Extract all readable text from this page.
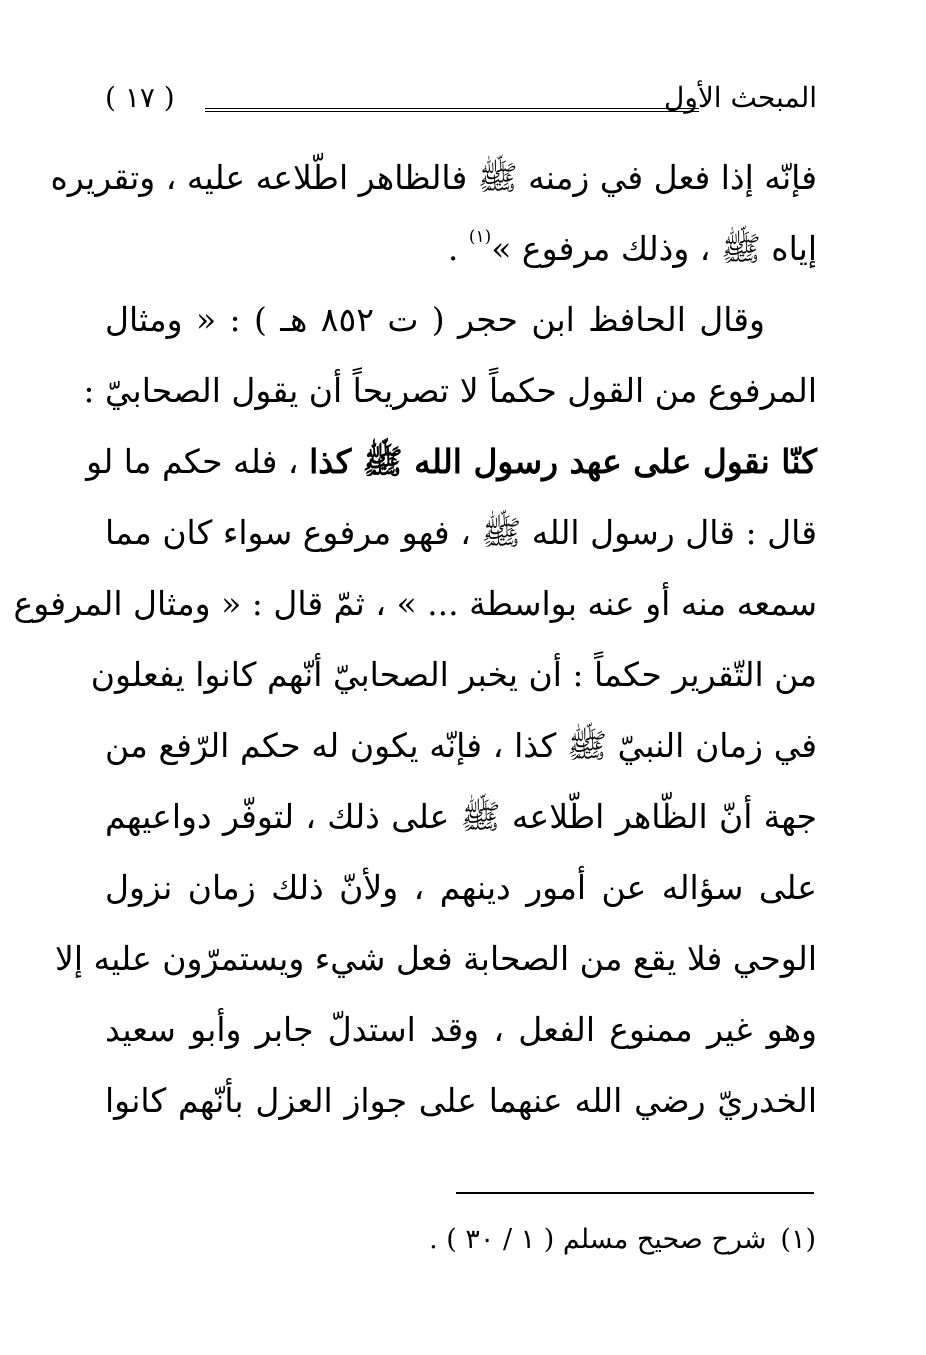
المبحث الأول
( ١٧ )
فإنّه إذا فعل في زمنه ﷺ فالظاهر اطّلاعه عليه ، وتقريره
إياه ﷺ ، وذلك مرفوع »$^{(١)}$ .
وقال الحافظ ابن حجر ( ت ٨٥٢ هـ ) : « ومثال
المرفوع من القول حكماً لا تصريحاً أن يقول الصحابيّ :
كنّا نقول على عهد رسول الله ﷺ كذا ، فله حكم ما لو
قال : قال رسول الله ﷺ ، فهو مرفوع سواء كان مما
سمعه منه أو عنه بواسطة ... » ، ثمّ قال : « ومثال المرفوع
من التّقرير حكماً : أن يخبر الصحابيّ أنّهم كانوا يفعلون
في زمان النبيّ ﷺ كذا ، فإنّه يكون له حكم الرّفع من
جهة أنّ الظّاهر اطّلاعه ﷺ على ذلك ، لتوفّر دواعيهم
على سؤاله عن أمور دينهم ، ولأنّ ذلك زمان نزول
الوحي فلا يقع من الصحابة فعل شيء ويستمرّون عليه إلا
وهو غير ممنوع الفعل ، وقد استدلّ جابر وأبو سعيد
الخدريّ رضي الله عنهما على جواز العزل بأنّهم كانوا
(١)شرح صحيح مسلم ( ١ / ٣٠ ) .
